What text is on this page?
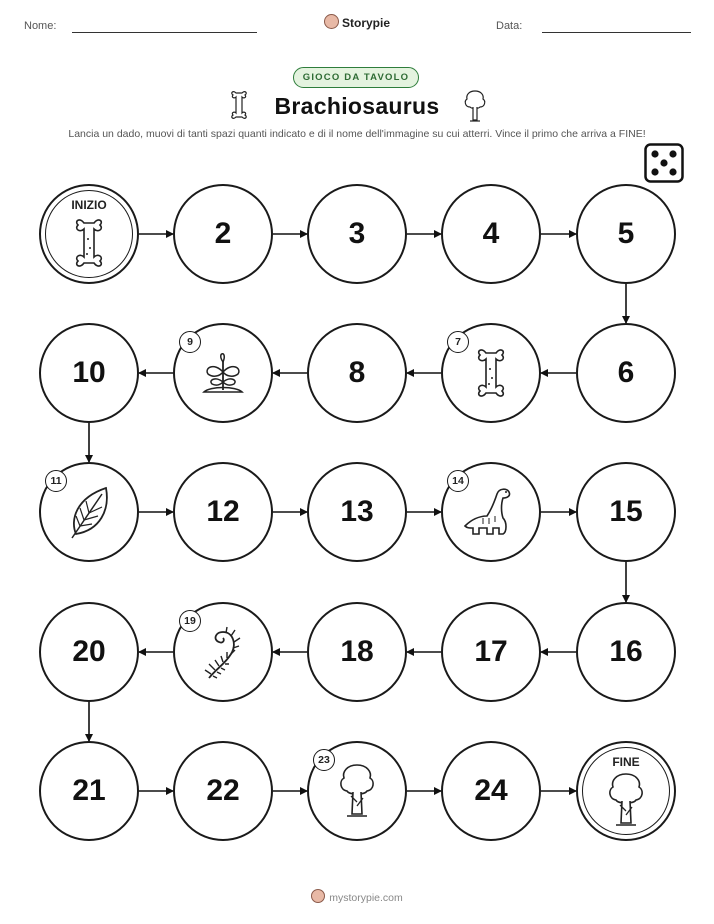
Nome:	Storypie	Data:
GIOCO DA TAVOLO
Brachiosaurus
Lancia un dado, muovi di tanti spazi quanti indicato e di il nome dell'immagine su cui atterri. Vince il primo che arriva a FINE!
INIZIO
2	3	4	5
6
7
8
9
10
11
12	13
14
15
16
17
18
19
20
21	22
23
24
FINE
mystorypie.com
